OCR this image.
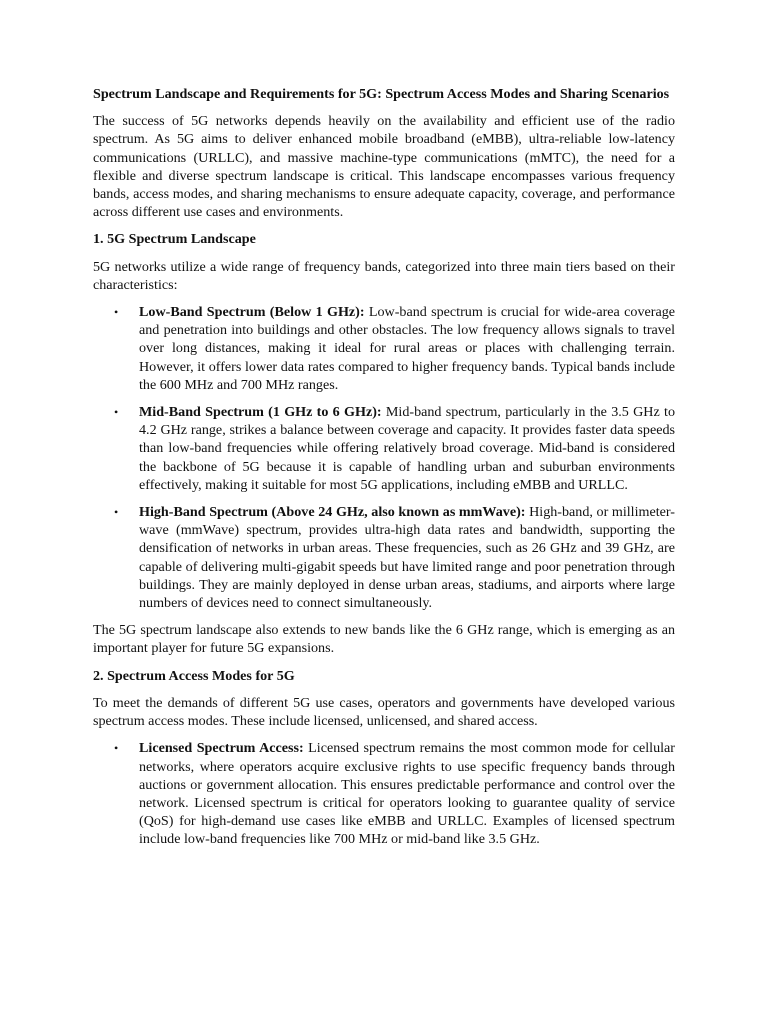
Spectrum Landscape and Requirements for 5G: Spectrum Access Modes and Sharing Scenarios

The success of 5G networks depends heavily on the availability and efficient use of the radio spectrum. As 5G aims to deliver enhanced mobile broadband (eMBB), ultra-reliable low-latency communications (URLLC), and massive machine-type communications (mMTC), the need for a flexible and diverse spectrum landscape is critical. This landscape encompasses various frequency bands, access modes, and sharing mechanisms to ensure adequate capacity, coverage, and performance across different use cases and environments.

1. 5G Spectrum Landscape

5G networks utilize a wide range of frequency bands, categorized into three main tiers based on their characteristics:

• Low-Band Spectrum (Below 1 GHz): Low-band spectrum is crucial for wide-area coverage and penetration into buildings and other obstacles. The low frequency allows signals to travel over long distances, making it ideal for rural areas or places with challenging terrain. However, it offers lower data rates compared to higher frequency bands. Typical bands include the 600 MHz and 700 MHz ranges.
• Mid-Band Spectrum (1 GHz to 6 GHz): Mid-band spectrum, particularly in the 3.5 GHz to 4.2 GHz range, strikes a balance between coverage and capacity. It provides faster data speeds than low-band frequencies while offering relatively broad coverage. Mid-band is considered the backbone of 5G because it is capable of handling urban and suburban environments effectively, making it suitable for most 5G applications, including eMBB and URLLC.
• High-Band Spectrum (Above 24 GHz, also known as mmWave): High-band, or millimeter-wave (mmWave) spectrum, provides ultra-high data rates and bandwidth, supporting the densification of networks in urban areas. These frequencies, such as 26 GHz and 39 GHz, are capable of delivering multi-gigabit speeds but have limited range and poor penetration through buildings. They are mainly deployed in dense urban areas, stadiums, and airports where large numbers of devices need to connect simultaneously.

The 5G spectrum landscape also extends to new bands like the 6 GHz range, which is emerging as an important player for future 5G expansions.

2. Spectrum Access Modes for 5G

To meet the demands of different 5G use cases, operators and governments have developed various spectrum access modes. These include licensed, unlicensed, and shared access.

• Licensed Spectrum Access: Licensed spectrum remains the most common mode for cellular networks, where operators acquire exclusive rights to use specific frequency bands through auctions or government allocation. This ensures predictable performance and control over the network. Licensed spectrum is critical for operators looking to guarantee quality of service (QoS) for high-demand use cases like eMBB and URLLC. Examples of licensed spectrum include low-band frequencies like 700 MHz or mid-band like 3.5 GHz.
